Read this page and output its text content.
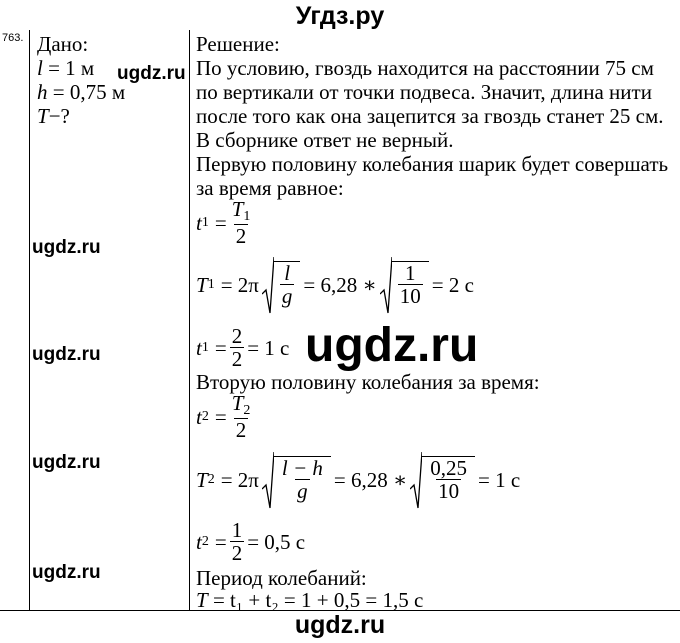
Угдз.ру
ugdz.ru
763. Дано:
l = 1 м
h = 0,75 м
T−?
Решение:
По условию, гвоздь находится на расстоянии 75 см
по вертикали от точки подвеса. Значит, длина нити
после того как она зацепится за гвоздь станет 25 см.
В сборнике ответ не верный.
Первую половину колебания шарик будет совершать
за время равное:
t $1 = \frac{T_1}{2}$
T $1 = 2\pi \frac{l}{g} = 6,28$ ∗ $\frac{1}{10} = 2$ с
t $1 = \frac{2}{2} = 1$ с
Вторую половину колебания за время:
t $2 = \frac{T_2}{2}$
T $2 = 2\pi \frac{l - h}{g} = 6,28$ ∗ $\frac{0,25}{10} = 1$ с
t $2 = \frac{1}{2} = 0,5$ с
Период колебаний:
T = t₁ + t₂ = 1 + 0,5 = 1,5 с
ugdz.ru
ugdz.ru
ugdz.ru
ugdz.ru
ugdz.ru
ugdz.ru
